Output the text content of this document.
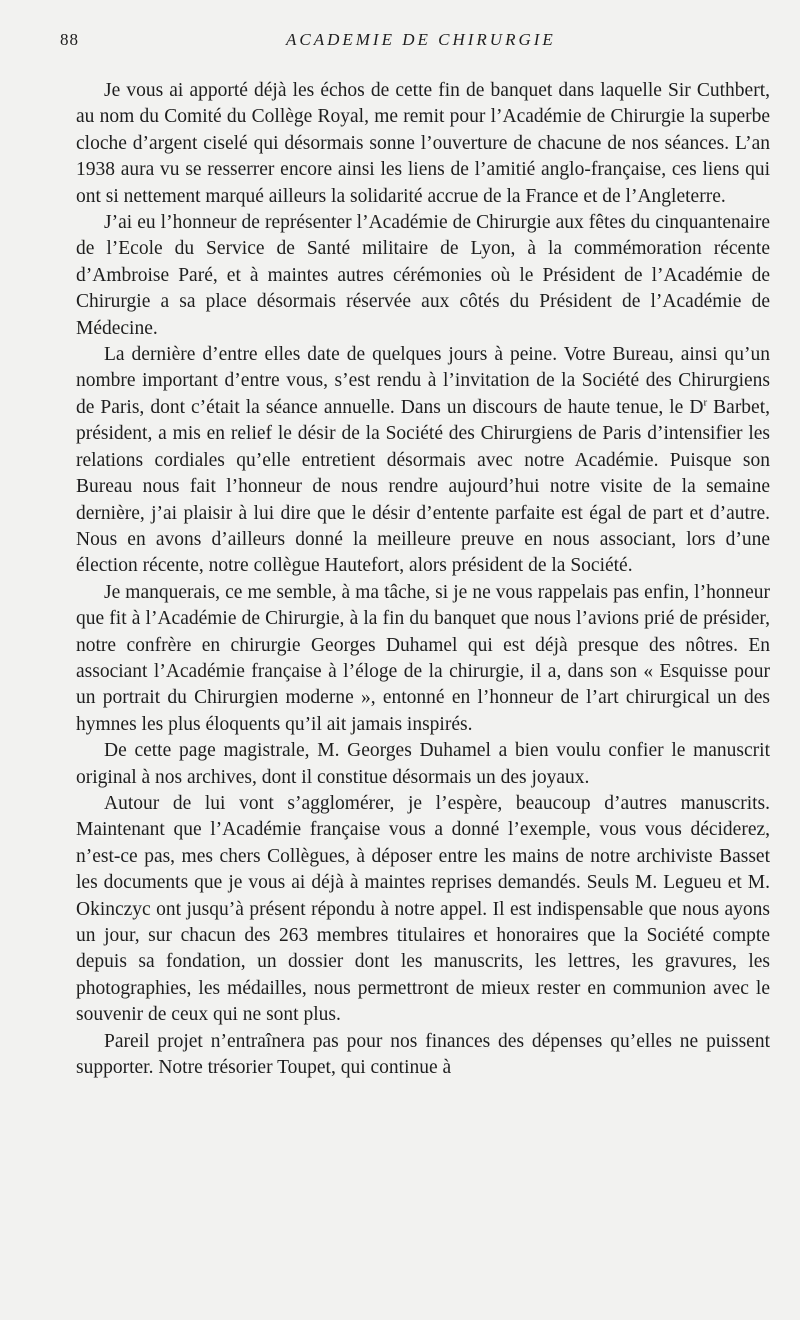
88	ACADEMIE DE CHIRURGIE

Je vous ai apporté déjà les échos de cette fin de banquet dans laquelle Sir Cuthbert, au nom du Comité du Collège Royal, me remit pour l’Académie de Chirurgie la superbe cloche d’argent ciselé qui désormais sonne l’ouverture de chacune de nos séances. L’an 1938 aura vu se resserrer encore ainsi les liens de l’amitié anglo-française, ces liens qui ont si nettement marqué ailleurs la solidarité accrue de la France et de l’Angleterre.

J’ai eu l’honneur de représenter l’Académie de Chirurgie aux fêtes du cinquantenaire de l’Ecole du Service de Santé militaire de Lyon, à la commémoration récente d’Ambroise Paré, et à maintes autres cérémonies où le Président de l’Académie de Chirurgie a sa place désormais réservée aux côtés du Président de l’Académie de Médecine.

La dernière d’entre elles date de quelques jours à peine. Votre Bureau, ainsi qu’un nombre important d’entre vous, s’est rendu à l’invitation de la Société des Chirurgiens de Paris, dont c’était la séance annuelle. Dans un discours de haute tenue, le $D^r$ Barbet, président, a mis en relief le désir de la Société des Chirurgiens de Paris d’intensifier les relations cordiales qu’elle entretient désormais avec notre Académie. Puisque son Bureau nous fait l’honneur de nous rendre aujourd’hui notre visite de la semaine dernière, j’ai plaisir à lui dire que le désir d’entente parfaite est égal de part et d’autre. Nous en avons d’ailleurs donné la meilleure preuve en nous associant, lors d’une élection récente, notre collègue Hautefort, alors président de la Société.

Je manquerais, ce me semble, à ma tâche, si je ne vous rappelais pas enfin, l’honneur que fit à l’Académie de Chirurgie, à la fin du banquet que nous l’avions prié de présider, notre confrère en chirurgie Georges Duhamel qui est déjà presque des nôtres. En associant l’Académie française à l’éloge de la chirurgie, il a, dans son « Esquisse pour un portrait du Chirurgien moderne », entonné en l’honneur de l’art chirurgical un des hymnes les plus éloquents qu’il ait jamais inspirés.

De cette page magistrale, M. Georges Duhamel a bien voulu confier le manuscrit original à nos archives, dont il constitue désormais un des joyaux.

Autour de lui vont s’agglomérer, je l’espère, beaucoup d’autres manuscrits. Maintenant que l’Académie française vous a donné l’exemple, vous vous déciderez, n’est-ce pas, mes chers Collègues, à déposer entre les mains de notre archiviste Basset les documents que je vous ai déjà à maintes reprises demandés. Seuls M. Legueu et M. Okinczyc ont jusqu’à présent répondu à notre appel. Il est indispensable que nous ayons un jour, sur chacun des 263 membres titulaires et honoraires que la Société compte depuis sa fondation, un dossier dont les manuscrits, les lettres, les gravures, les photographies, les médailles, nous permettront de mieux rester en communion avec le souvenir de ceux qui ne sont plus.

Pareil projet n’entraînera pas pour nos finances des dépenses qu’elles ne puissent supporter. Notre trésorier Toupet, qui continue à
